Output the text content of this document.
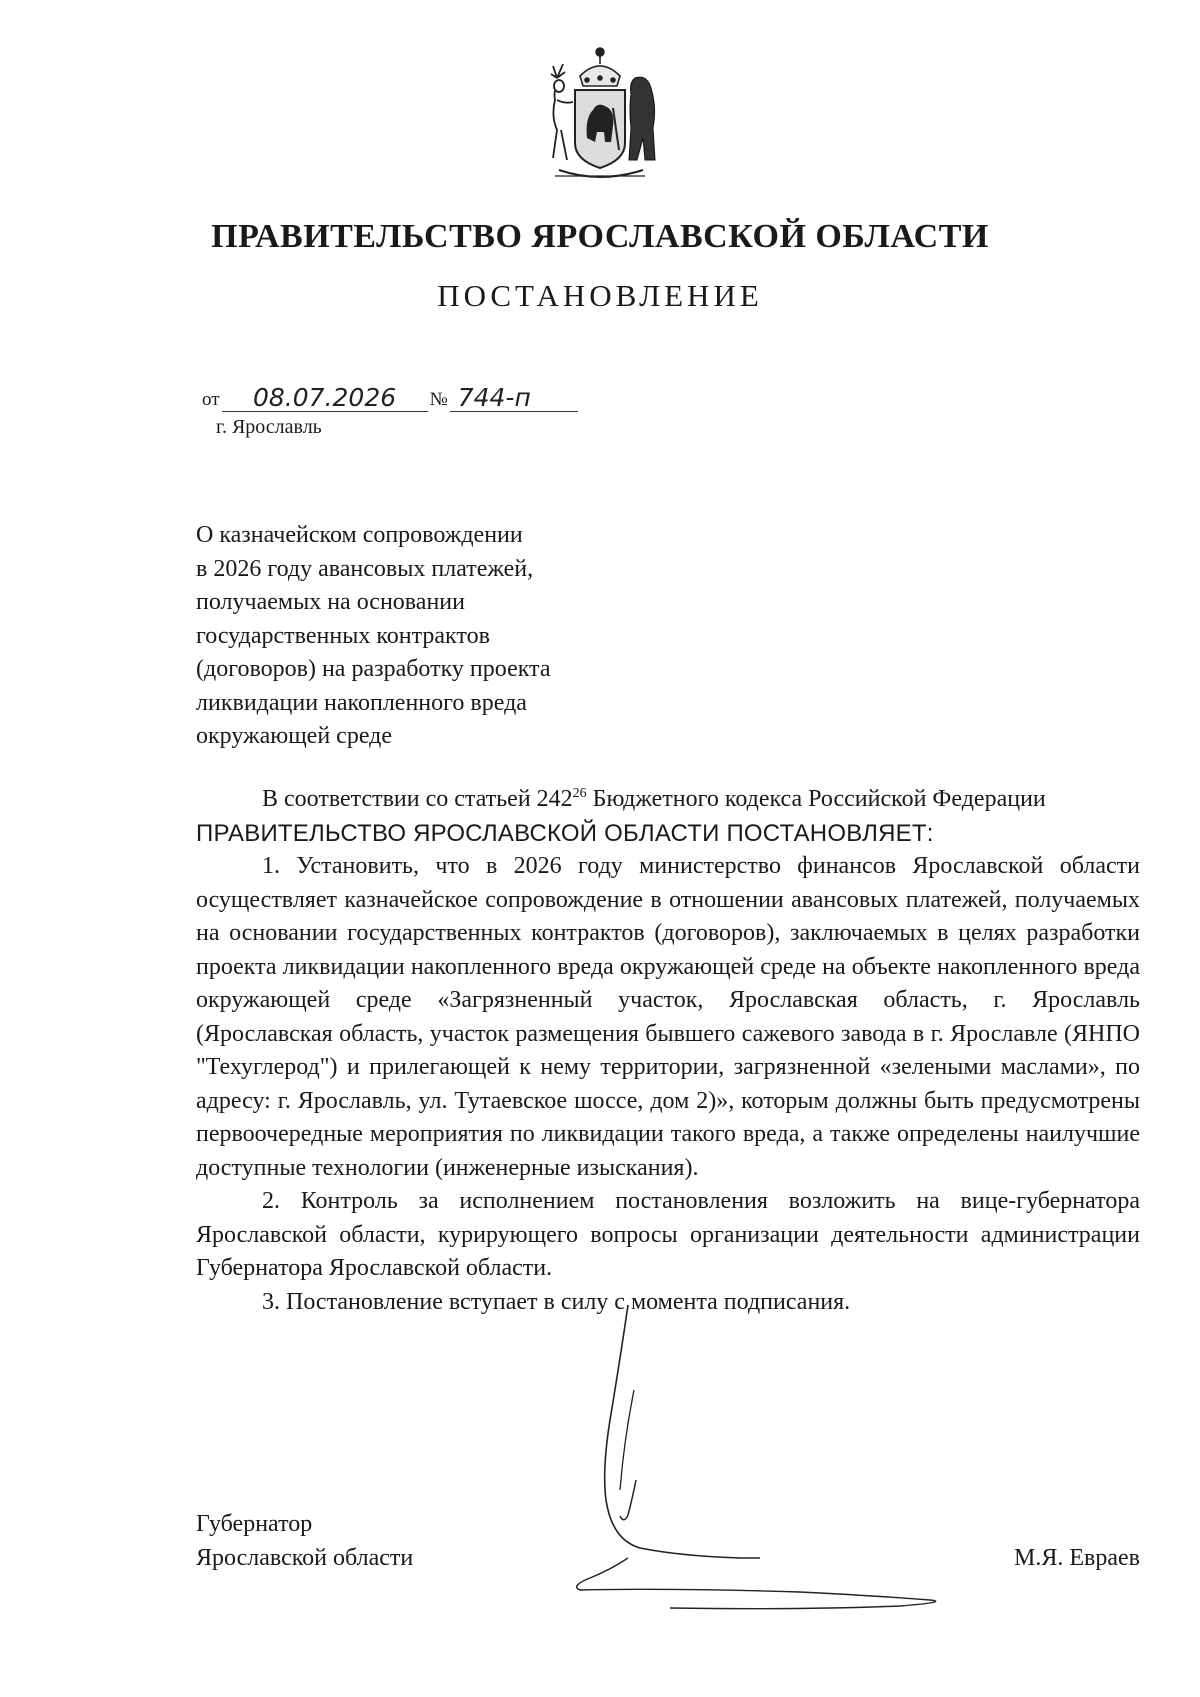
ПРАВИТЕЛЬСТВО ЯРОСЛАВСКОЙ ОБЛАСТИ
ПОСТАНОВЛЕНИЕ
от	08.07.2026	№ 744-п
г. Ярославль
О казначейском сопровождении
в 2026 году авансовых платежей,
получаемых на основании
государственных контрактов
(договоров) на разработку проекта
ликвидации накопленного вреда
окружающей среде

В соответствии со статьей $242^{26}$ Бюджетного кодекса Российской Федерации

ПРАВИТЕЛЬСТВО ЯРОСЛАВСКОЙ ОБЛАСТИ ПОСТАНОВЛЯЕТ:

1. Установить, что в 2026 году министерство финансов Ярославской области осуществляет казначейское сопровождение в отношении авансовых платежей, получаемых на основании государственных контрактов (договоров), заключаемых в целях разработки проекта ликвидации накопленного вреда окружающей среде на объекте накопленного вреда окружающей среде «Загрязненный участок, Ярославская область, г. Ярославль (Ярославская область, участок размещения бывшего сажевого завода в г. Ярославле (ЯНПО "Техуглерод") и прилегающей к нему территории, загрязненной «зелеными маслами», по адресу: г. Ярославль, ул. Тутаевское шоссе, дом 2)», которым должны быть предусмотрены первоочередные мероприятия по ликвидации такого вреда, а также определены наилучшие доступные технологии (инженерные изыскания).

2. Контроль за исполнением постановления возложить на вице-губернатора Ярославской области, курирующего вопросы организации деятельности администрации Губернатора Ярославской области.

3. Постановление вступает в силу с момента подписания.

Губернатор
Ярославской области	М.Я. Евраев
